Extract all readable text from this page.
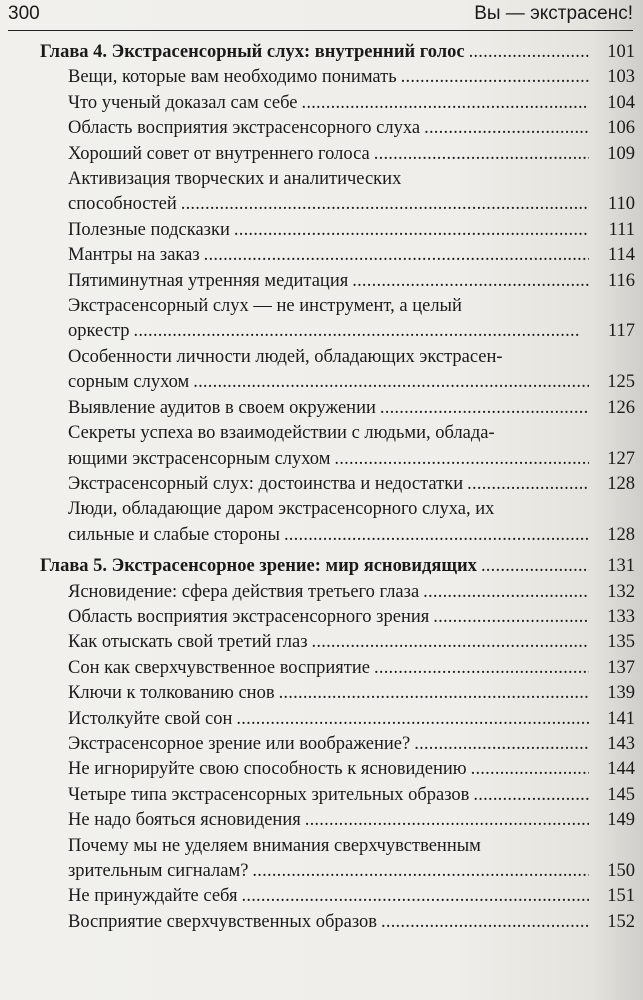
300	Вы — экстрасенс!
Глава 4. Экстрасенсорный слух: внутренний голос . . .	101
Вещи, которые вам необходимо понимать . . .	103
Что ученый доказал сам себе . . .	104
Область восприятия экстрасенсорного слуха . . .	106
Хороший совет от внутреннего голоса . . .	109
Активизация творческих и аналитических
способностей . . .	110
Полезные подсказки . . .	111
Мантры на заказ . . .	114
Пятиминутная утренняя медитация . . .	116
Экстрасенсорный слух — не инструмент, а целый
оркестр . . .	117
Особенности личности людей, обладающих экстрасен-
сорным слухом . . .	125
Выявление аудитов в своем окружении . . .	126
Секреты успеха во взаимодействии с людьми, облада-
ющими экстрасенсорным слухом . . .	127
Экстрасенсорный слух: достоинства и недостатки . . .	128
Люди, обладающие даром экстрасенсорного слуха, их
сильные и слабые стороны . . .	128
Глава 5. Экстрасенсорное зрение: мир ясновидящих . . .	131
Ясновидение: сфера действия третьего глаза . . .	132
Область восприятия экстрасенсорного зрения . . .	133
Как отыскать свой третий глаз . . .	135
Сон как сверхчувственное восприятие . . .	137
Ключи к толкованию снов . . .	139
Истолкуйте свой сон . . .	141
Экстрасенсорное зрение или воображение? . . .	143
Не игнорируйте свою способность к ясновидению . . .	144
Четыре типа экстрасенсорных зрительных образов . . .	145
Не надо бояться ясновидения . . .	149
Почему мы не уделяем внимания сверхчувственным
зрительным сигналам? . . .	150
Не принуждайте себя . . .	151
Восприятие сверхчувственных образов . . .	152
